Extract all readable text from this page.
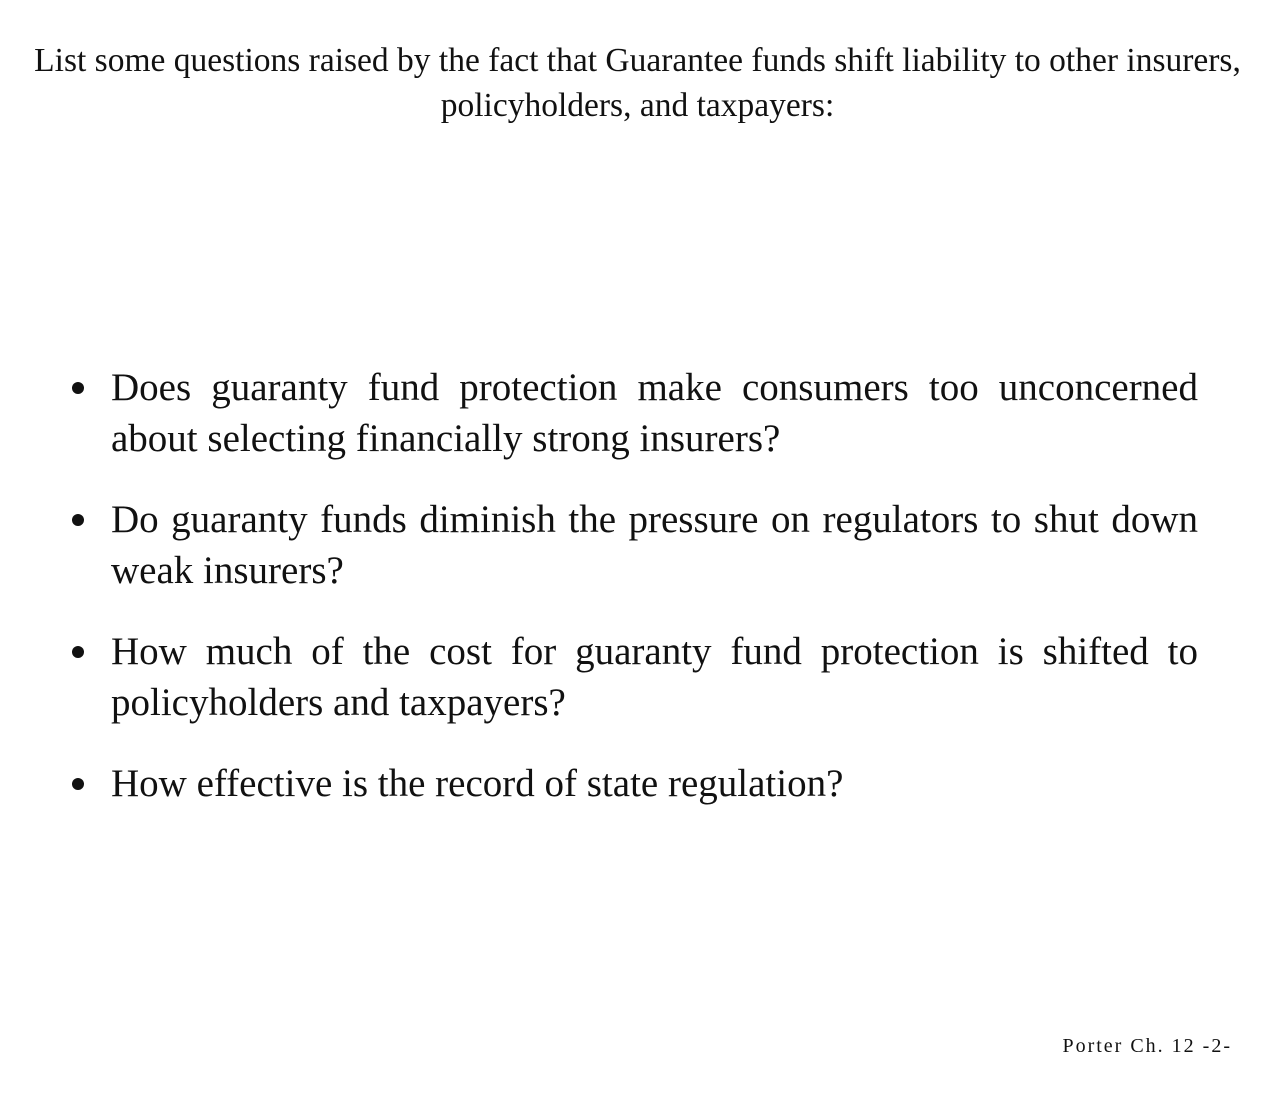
List some questions raised by the fact that Guarantee funds shift liability to other insurers, policyholders, and taxpayers:
Does guaranty fund protection make consumers too unconcerned about selecting financially strong insurers?
Do guaranty funds diminish the pressure on regulators to shut down weak insurers?
How much of the cost for guaranty fund protection is shifted to policyholders and taxpayers?
How effective is the record of state regulation?
Porter Ch. 12 -2-
